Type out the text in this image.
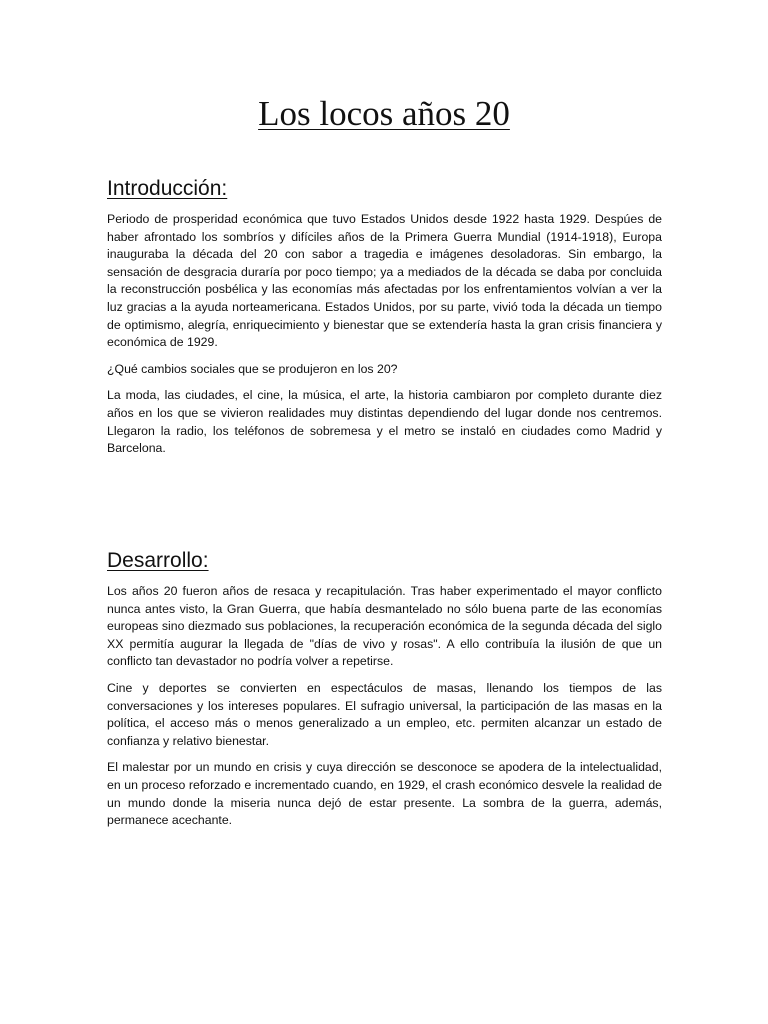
Los locos años 20
Introducción:

Periodo de prosperidad económica que tuvo Estados Unidos desde 1922 hasta 1929. Despúes de haber afrontado los sombríos y difíciles años de la Primera Guerra Mundial (1914-1918), Europa inauguraba la década del 20 con sabor a tragedia e imágenes desoladoras. Sin embargo, la sensación de desgracia duraría por poco tiempo; ya a mediados de la década se daba por concluida la reconstrucción posbélica y las economías más afectadas por los enfrentamientos volvían a ver la luz gracias a la ayuda norteamericana. Estados Unidos, por su parte, vivió toda la década un tiempo de optimismo, alegría, enriquecimiento y bienestar que se extendería hasta la gran crisis financiera y económica de 1929.

¿Qué cambios sociales que se produjeron en los 20?

La moda, las ciudades, el cine, la música, el arte, la historia cambiaron por completo durante diez años en los que se vivieron realidades muy distintas dependiendo del lugar donde nos centremos. Llegaron la radio, los teléfonos de sobremesa y el metro se instaló en ciudades como Madrid y Barcelona.

Desarrollo:

Los años 20 fueron años de resaca y recapitulación. Tras haber experimentado el mayor conflicto nunca antes visto, la Gran Guerra, que había desmantelado no sólo buena parte de las economías europeas sino diezmado sus poblaciones, la recuperación económica de la segunda década del siglo XX permitía augurar la llegada de "días de vivo y rosas". A ello contribuía la ilusión de que un conflicto tan devastador no podría volver a repetirse.

Cine y deportes se convierten en espectáculos de masas, llenando los tiempos de las conversaciones y los intereses populares. El sufragio universal, la participación de las masas en la política, el acceso más o menos generalizado a un empleo, etc. permiten alcanzar un estado de confianza y relativo bienestar.

El malestar por un mundo en crisis y cuya dirección se desconoce se apodera de la intelectualidad, en un proceso reforzado e incrementado cuando, en 1929, el crash económico desvele la realidad de un mundo donde la miseria nunca dejó de estar presente. La sombra de la guerra, además, permanece acechante.
